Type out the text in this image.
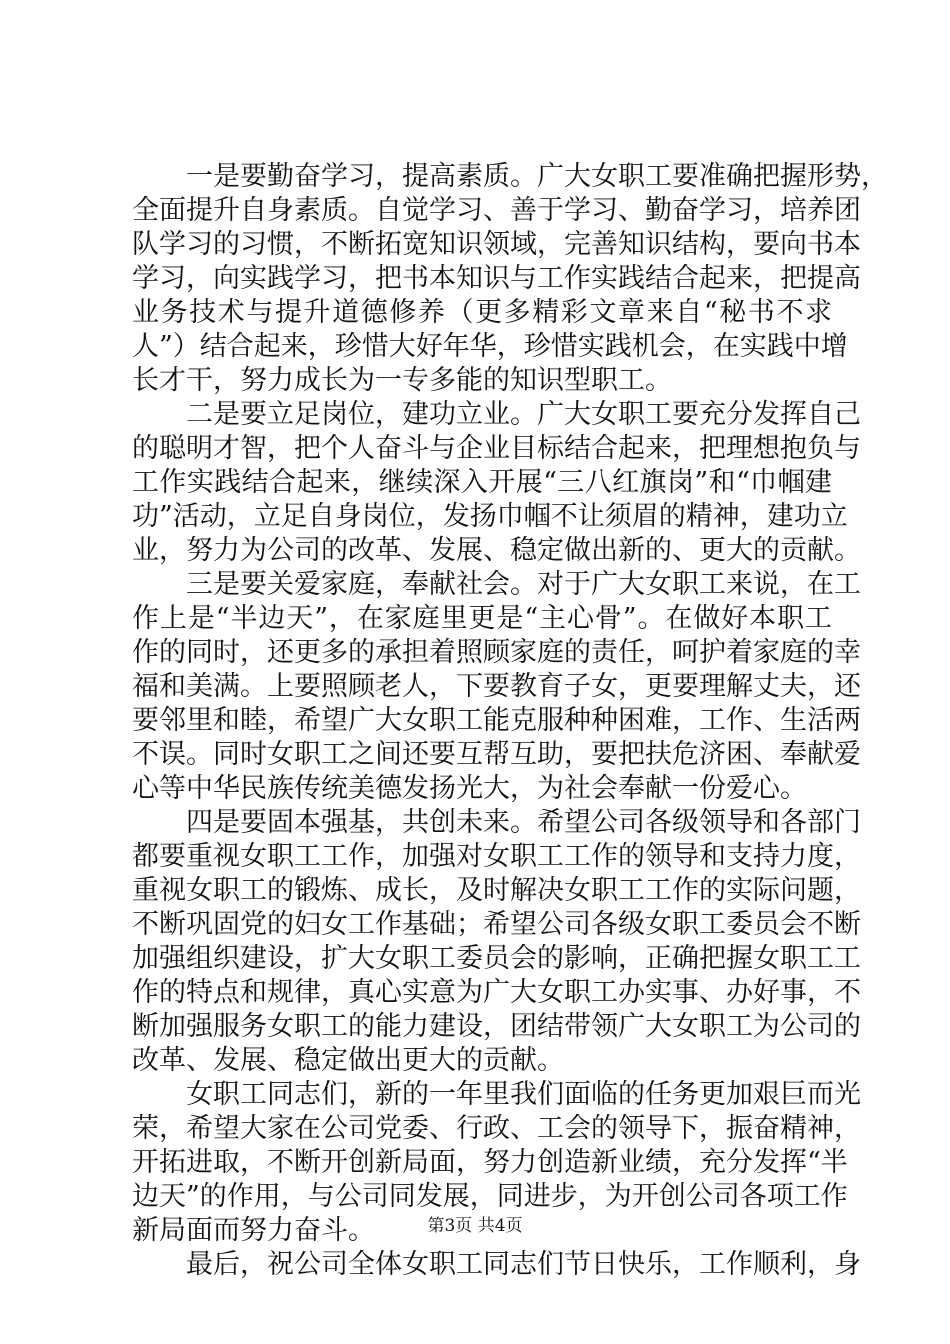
　　一是要勤奋学习，提高素质。广大女职工要准确把握形势，
全面提升自身素质。自觉学习、善于学习、勤奋学习，培养团
队学习的习惯，不断拓宽知识领域，完善知识结构，要向书本
学习，向实践学习，把书本知识与工作实践结合起来，把提高
业务技术与提升道德修养（更多精彩文章来自“秘书不求
人”）结合起来，珍惜大好年华，珍惜实践机会，在实践中增
长才干，努力成长为一专多能的知识型职工。
　　二是要立足岗位，建功立业。广大女职工要充分发挥自己
的聪明才智，把个人奋斗与企业目标结合起来，把理想抱负与
工作实践结合起来，继续深入开展“三八红旗岗”和“巾帼建
功”活动，立足自身岗位，发扬巾帼不让须眉的精神，建功立
业，努力为公司的改革、发展、稳定做出新的、更大的贡献。
　　三是要关爱家庭，奉献社会。对于广大女职工来说，在工
作上是“半边天”，在家庭里更是“主心骨”。在做好本职工
作的同时，还更多的承担着照顾家庭的责任，呵护着家庭的幸
福和美满。上要照顾老人，下要教育子女，更要理解丈夫，还
要邻里和睦，希望广大女职工能克服种种困难，工作、生活两
不误。同时女职工之间还要互帮互助，要把扶危济困、奉献爱
心等中华民族传统美德发扬光大，为社会奉献一份爱心。
　　四是要固本强基，共创未来。希望公司各级领导和各部门
都要重视女职工工作，加强对女职工工作的领导和支持力度，
重视女职工的锻炼、成长，及时解决女职工工作的实际问题，
不断巩固党的妇女工作基础；希望公司各级女职工委员会不断
加强组织建设，扩大女职工委员会的影响，正确把握女职工工
作的特点和规律，真心实意为广大女职工办实事、办好事，不
断加强服务女职工的能力建设，团结带领广大女职工为公司的
改革、发展、稳定做出更大的贡献。
　　女职工同志们，新的一年里我们面临的任务更加艰巨而光
荣，希望大家在公司党委、行政、工会的领导下，振奋精神，
开拓进取，不断开创新局面，努力创造新业绩，充分发挥“半
边天”的作用，与公司同发展，同进步，为开创公司各项工作
新局面而努力奋斗。
　　最后，祝公司全体女职工同志们节日快乐，工作顺利，身
第3页 共4页
